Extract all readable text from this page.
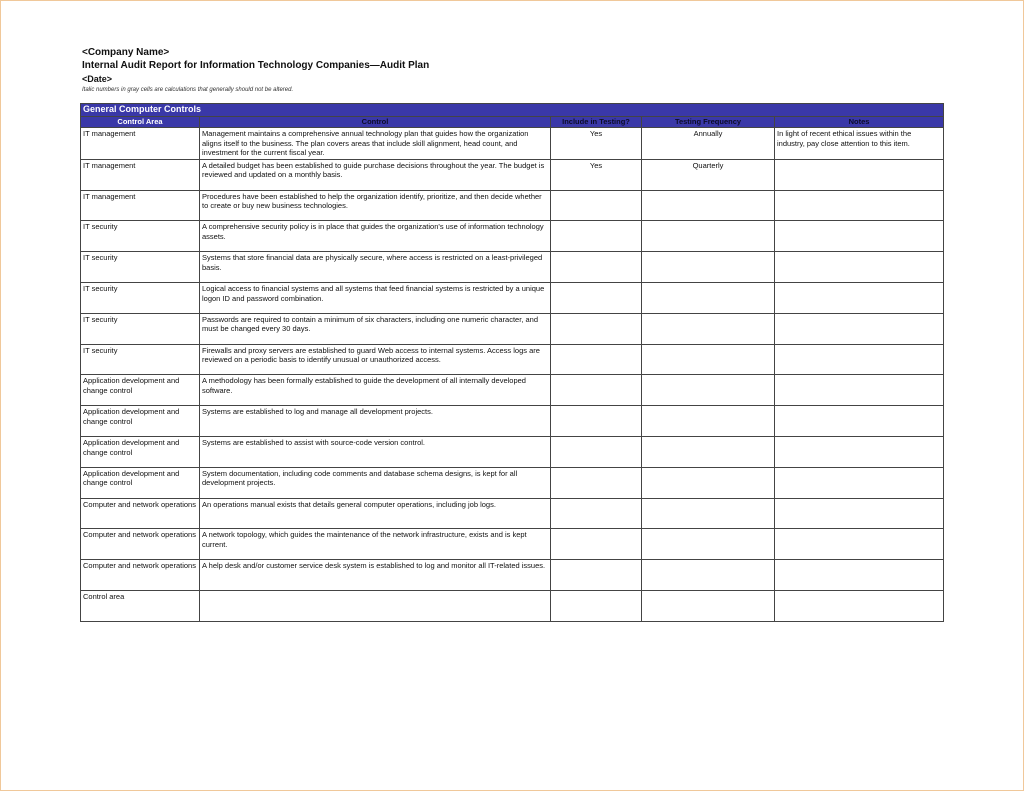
<Company Name>
Internal Audit Report for Information Technology Companies—Audit Plan
<Date>
Italic numbers in gray cells are calculations that generally should not be altered.
General Computer Controls				
Control Area	Control	Include in Testing?	Testing Frequency	Notes
IT management	Management maintains a comprehensive annual technology plan that guides how the organization aligns itself to the business. The plan covers areas that include skill alignment, head count, and investment for the current fiscal year.	Yes	Annually	In light of recent ethical issues within the industry, pay close attention to this item.
IT management	A detailed budget has been established to guide purchase decisions throughout the year. The budget is reviewed and updated on a monthly basis.	Yes	Quarterly	
IT management	Procedures have been established to help the organization identify, prioritize, and then decide whether to create or buy new business technologies.			
IT security	A comprehensive security policy is in place that guides the organization's use of information technology assets.			
IT security	Systems that store financial data are physically secure, where access is restricted on a least-privileged basis.			
IT security	Logical access to financial systems and all systems that feed financial systems is restricted by a unique logon ID and password combination.			
IT security	Passwords are required to contain a minimum of six characters, including one numeric character, and must be changed every 30 days.			
IT security	Firewalls and proxy servers are established to guard Web access to internal systems. Access logs are reviewed on a periodic basis to identify unusual or unauthorized access.			
Application development and change control	A methodology has been formally established to guide the development of all internally developed software.			
Application development and change control	Systems are established to log and manage all development projects.			
Application development and change control	Systems are established to assist with source-code version control.			
Application development and change control	System documentation, including code comments and database schema designs, is kept for all development projects.			
Computer and network operations	An operations manual exists that details general computer operations, including job logs.			
Computer and network operations	A network topology, which guides the maintenance of the network infrastructure, exists and is kept current.			
Computer and network operations	A help desk and/or customer service desk system is established to log and monitor all IT-related issues.			
Control area				
